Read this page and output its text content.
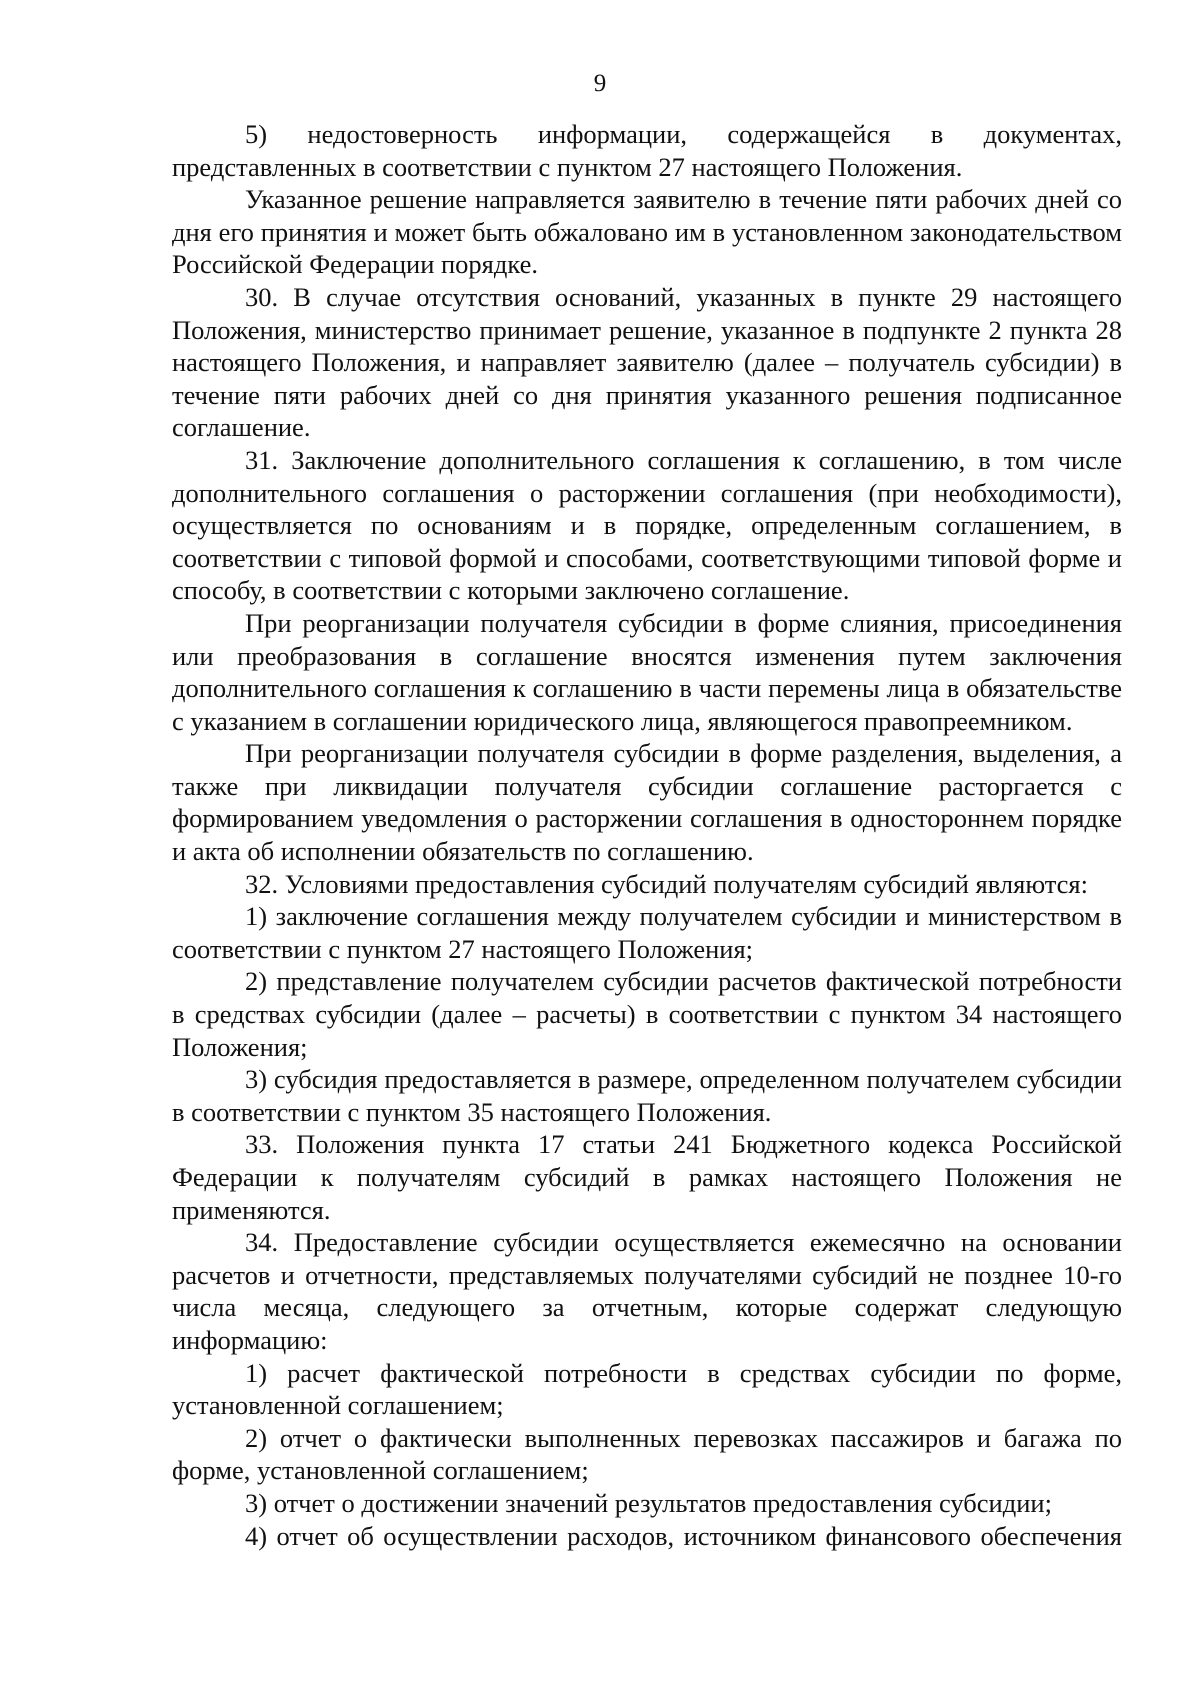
9

5) недостоверность информации, содержащейся в документах, представленных в соответствии с пунктом 27 настоящего Положения.

Указанное решение направляется заявителю в течение пяти рабочих дней со дня его принятия и может быть обжаловано им в установленном законодательством Российской Федерации порядке.

30. В случае отсутствия оснований, указанных в пункте 29 настоящего Положения, министерство принимает решение, указанное в подпункте 2 пункта 28 настоящего Положения, и направляет заявителю (далее – получатель субсидии) в течение пяти рабочих дней со дня принятия указанного решения подписанное соглашение.

31. Заключение дополнительного соглашения к соглашению, в том числе дополнительного соглашения о расторжении соглашения (при необходимости), осуществляется по основаниям и в порядке, определенным соглашением, в соответствии с типовой формой и способами, соответствующими типовой форме и способу, в соответствии с которыми заключено соглашение.

При реорганизации получателя субсидии в форме слияния, присоединения или преобразования в соглашение вносятся изменения путем заключения дополнительного соглашения к соглашению в части перемены лица в обязательстве с указанием в соглашении юридического лица, являющегося правопреемником.

При реорганизации получателя субсидии в форме разделения, выделения, а также при ликвидации получателя субсидии соглашение расторгается с формированием уведомления о расторжении соглашения в одностороннем порядке и акта об исполнении обязательств по соглашению.

32. Условиями предоставления субсидий получателям субсидий являются:

1) заключение соглашения между получателем субсидии и министерством в соответствии с пунктом 27 настоящего Положения;

2) представление получателем субсидии расчетов фактической потребности в средствах субсидии (далее – расчеты) в соответствии с пунктом 34 настоящего Положения;

3) субсидия предоставляется в размере, определенном получателем субсидии в соответствии с пунктом 35 настоящего Положения.

33. Положения пункта 17 статьи 241 Бюджетного кодекса Российской Федерации к получателям субсидий в рамках настоящего Положения не применяются.

34. Предоставление субсидии осуществляется ежемесячно на основании расчетов и отчетности, представляемых получателями субсидий не позднее 10-го числа месяца, следующего за отчетным, которые содержат следующую информацию:

1) расчет фактической потребности в средствах субсидии по форме, установленной соглашением;

2) отчет о фактически выполненных перевозках пассажиров и багажа по форме, установленной соглашением;

3) отчет о достижении значений результатов предоставления субсидии;

4) отчет об осуществлении расходов, источником финансового обеспечения
